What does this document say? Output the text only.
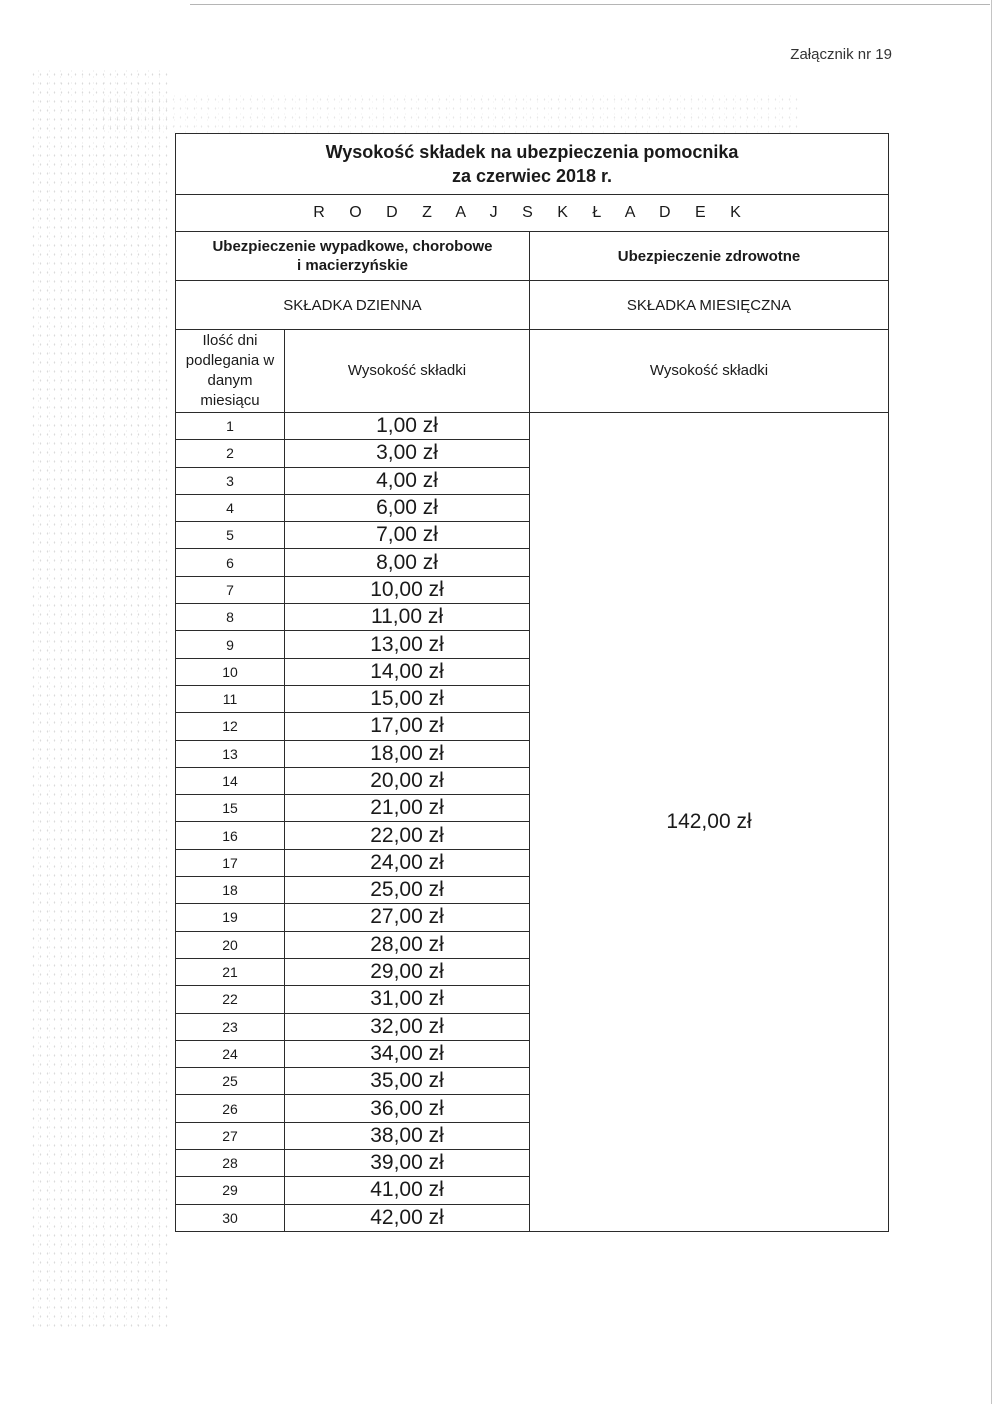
Załącznik nr 19
Wysokość składek na ubezpieczenia pomocnika
za czerwiec 2018 r.		

R O D Z A J S K Ł A D E K		

Ubezpieczenie wypadkowe, chorobowe
i macierzyńskie		Ubezpieczenie zdrowotne
SKŁADKA DZIENNA		SKŁADKA MIESIĘCZNA
Ilość dni podlegania w danym miesiącu	Wysokość składki	Wysokość składki
1	1,00 zł	142,00 zł
2	3,00 zł	
3	4,00 zł	
4	6,00 zł	
5	7,00 zł	
6	8,00 zł	
7	10,00 zł	
8	11,00 zł	
9	13,00 zł	
10	14,00 zł	
11	15,00 zł	
12	17,00 zł	
13	18,00 zł	
14	20,00 zł	
15	21,00 zł	
16	22,00 zł	
17	24,00 zł	
18	25,00 zł	
19	27,00 zł	
20	28,00 zł	
21	29,00 zł	
22	31,00 zł	
23	32,00 zł	
24	34,00 zł	
25	35,00 zł	
26	36,00 zł	
27	38,00 zł	
28	39,00 zł	
29	41,00 zł	
30	42,00 zł	
